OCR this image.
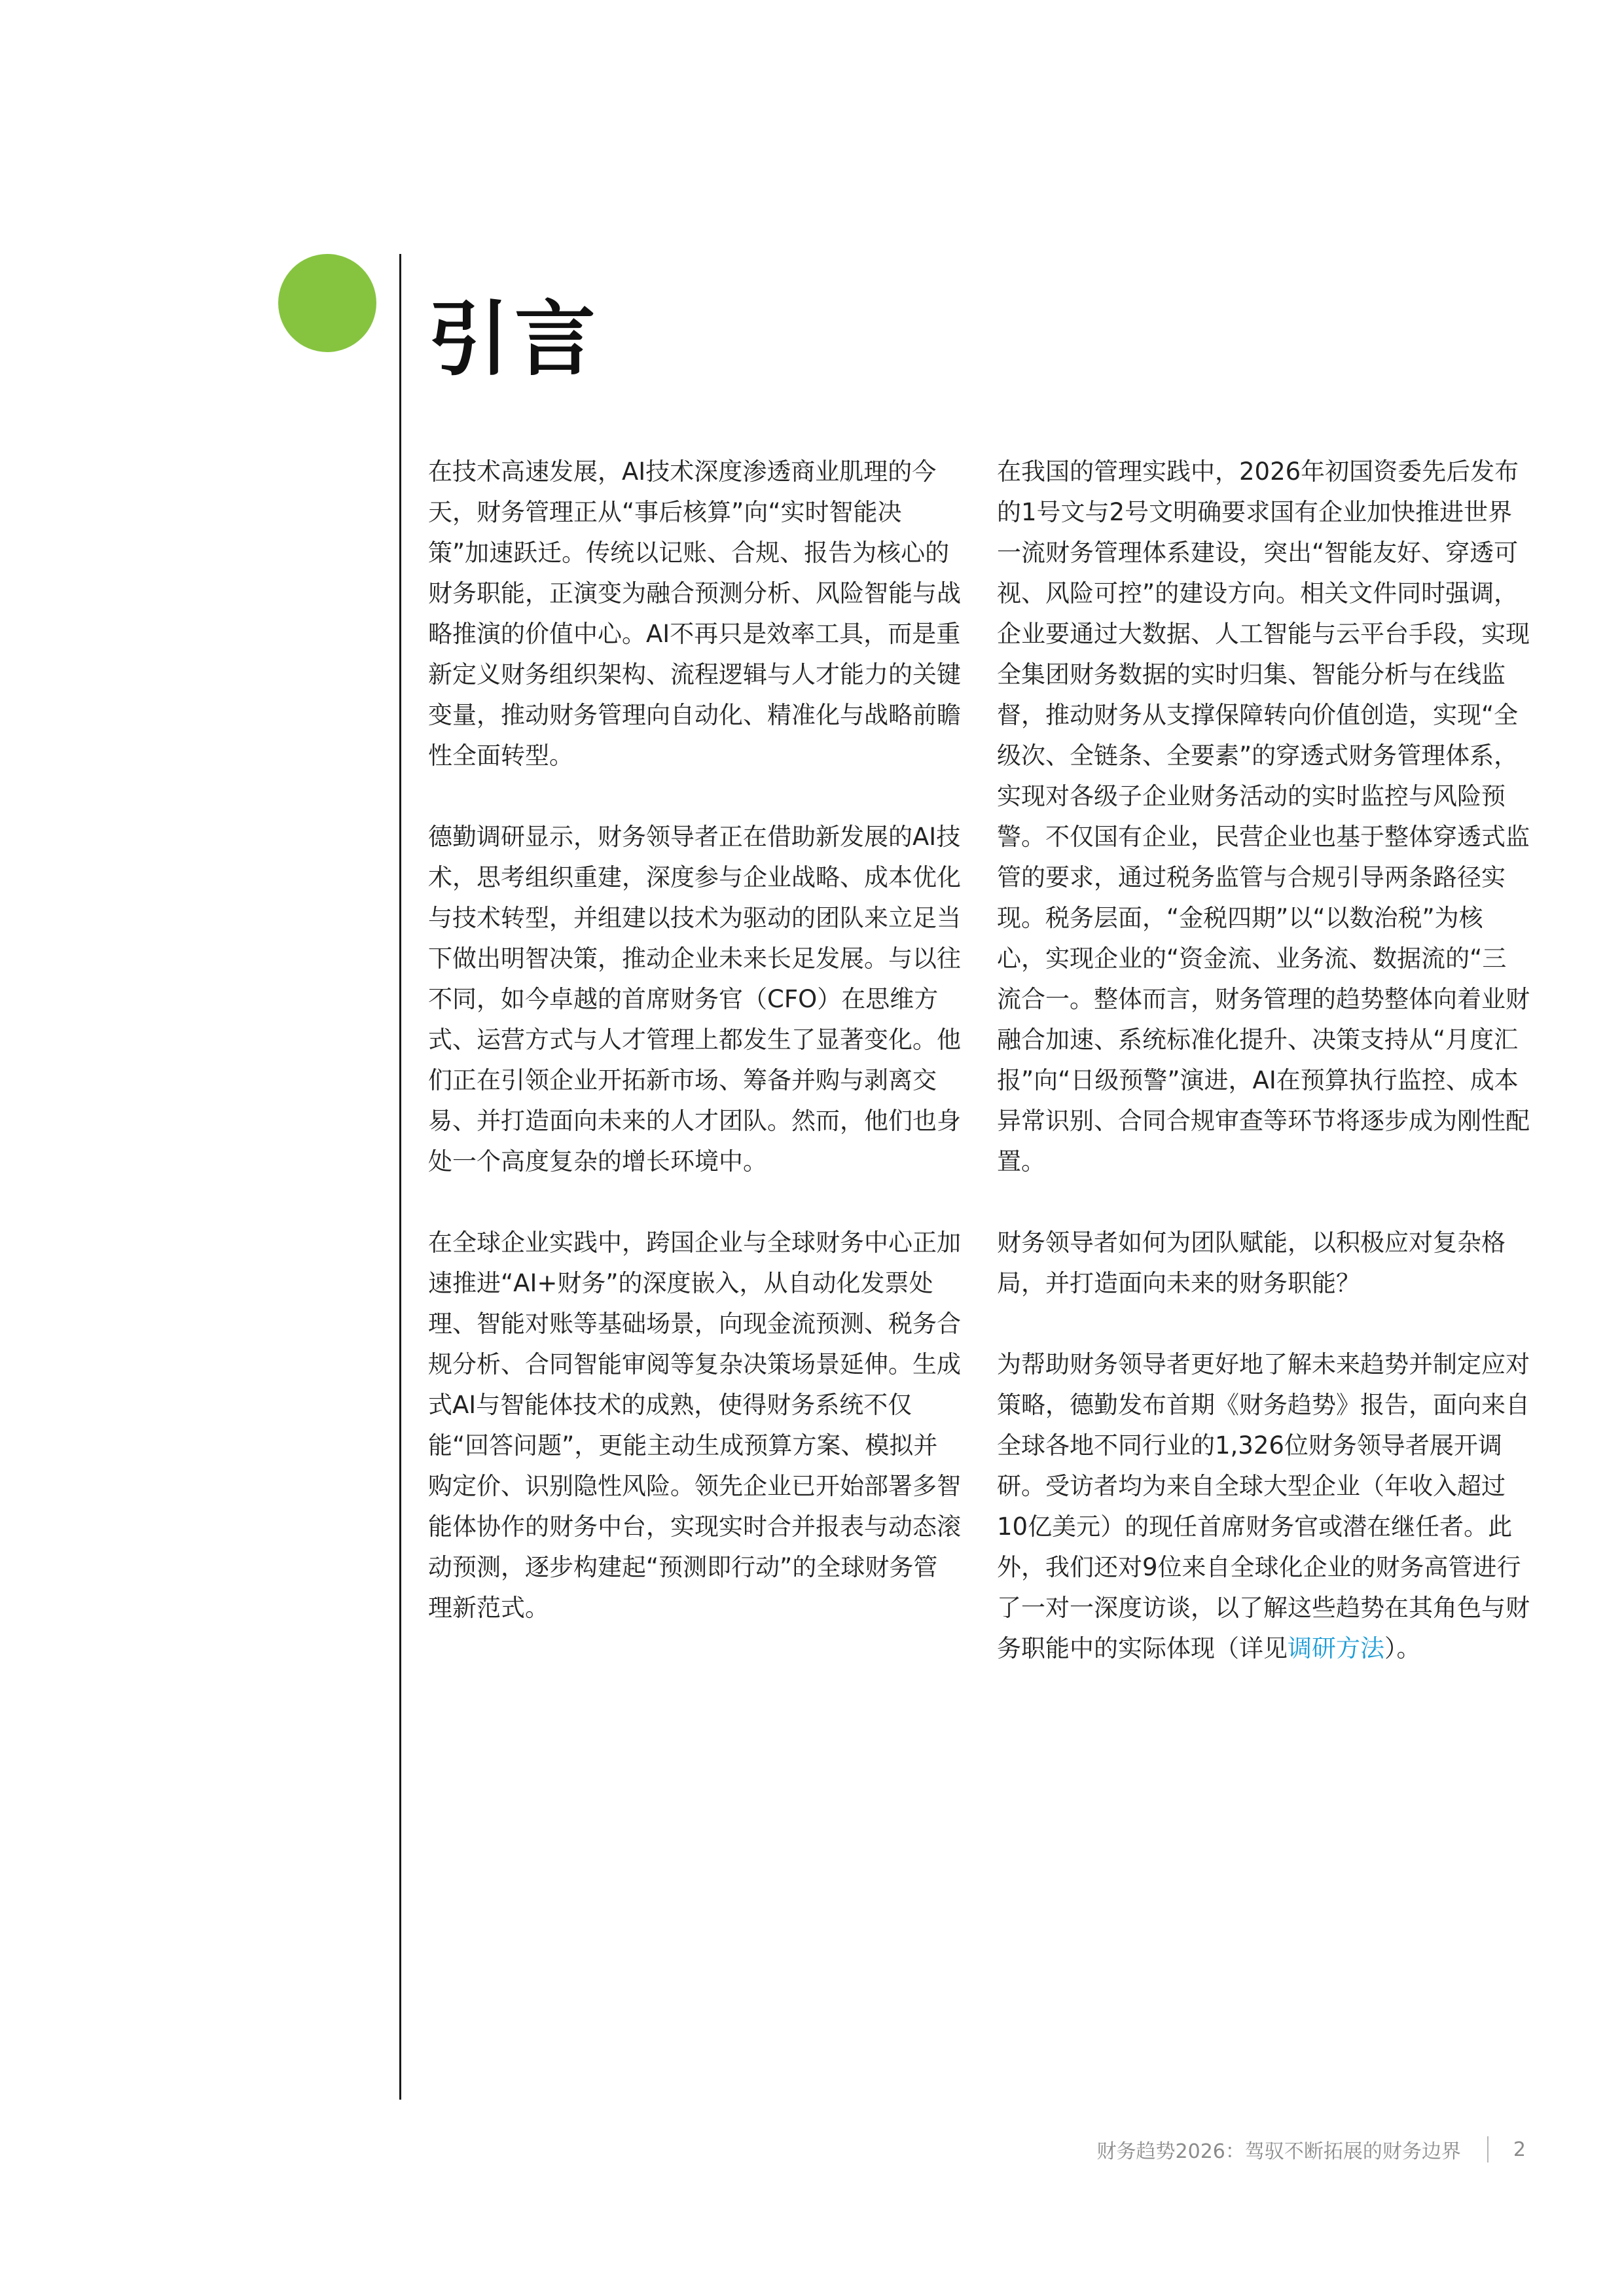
引言

在技术高速发展，AI技术深度渗透商业肌理的今天，财务管理正从“事后核算”向“实时智能决策”加速跃迁。传统以记账、合规、报告为核心的财务职能，正演变为融合预测分析、风险智能与战略推演的价值中心。AI不再只是效率工具，而是重新定义财务组织架构、流程逻辑与人才能力的关键变量，推动财务管理向自动化、精准化与战略前瞻性全面转型。

德勤调研显示，财务领导者正在借助新发展的AI技术，思考组织重建，深度参与企业战略、成本优化与技术转型，并组建以技术为驱动的团队来立足当下做出明智决策，推动企业未来长足发展。与以往不同，如今卓越的首席财务官（CFO）在思维方式、运营方式与人才管理上都发生了显著变化。他们正在引领企业开拓新市场、筹备并购与剥离交易、并打造面向未来的人才团队。然而，他们也身处一个高度复杂的增长环境中。

在全球企业实践中，跨国企业与全球财务中心正加速推进“AI+财务”的深度嵌入，从自动化发票处理、智能对账等基础场景，向现金流预测、税务合规分析、合同智能审阅等复杂决策场景延伸。生成式AI与智能体技术的成熟，使得财务系统不仅能“回答问题”，更能主动生成预算方案、模拟并购定价、识别隐性风险。领先企业已开始部署多智能体协作的财务中台，实现实时合并报表与动态滚动预测，逐步构建起“预测即行动”的全球财务管理新范式。

在我国的管理实践中，2026年初国资委先后发布的1号文与2号文明确要求国有企业加快推进世界一流财务管理体系建设，突出“智能友好、穿透可视、风险可控”的建设方向。相关文件同时强调，企业要通过大数据、人工智能与云平台手段，实现全集团财务数据的实时归集、智能分析与在线监督，推动财务从支撑保障转向价值创造，实现“全级次、全链条、全要素”的穿透式财务管理体系，实现对各级子企业财务活动的实时监控与风险预警。不仅国有企业，民营企业也基于整体穿透式监管的要求，通过税务监管与合规引导两条路径实现。税务层面，“金税四期”以“以数治税”为核心，实现企业的“资金流、业务流、数据流的“三流合一。整体而言，财务管理的趋势整体向着业财融合加速、系统标准化提升、决策支持从“月度汇报”向“日级预警”演进，AI在预算执行监控、成本异常识别、合同合规审查等环节将逐步成为刚性配置。

财务领导者如何为团队赋能，以积极应对复杂格局，并打造面向未来的财务职能？

为帮助财务领导者更好地了解未来趋势并制定应对策略，德勤发布首期《财务趋势》报告，面向来自全球各地不同行业的1,326位财务领导者展开调研。受访者均为来自全球大型企业（年收入超过10亿美元）的现任首席财务官或潜在继任者。此外，我们还对9位来自全球化企业的财务高管进行了一对一深度访谈，以了解这些趋势在其角色与财务职能中的实际体现（详见调研方法）。

财务趋势2026：驾驭不断拓展的财务边界	2
